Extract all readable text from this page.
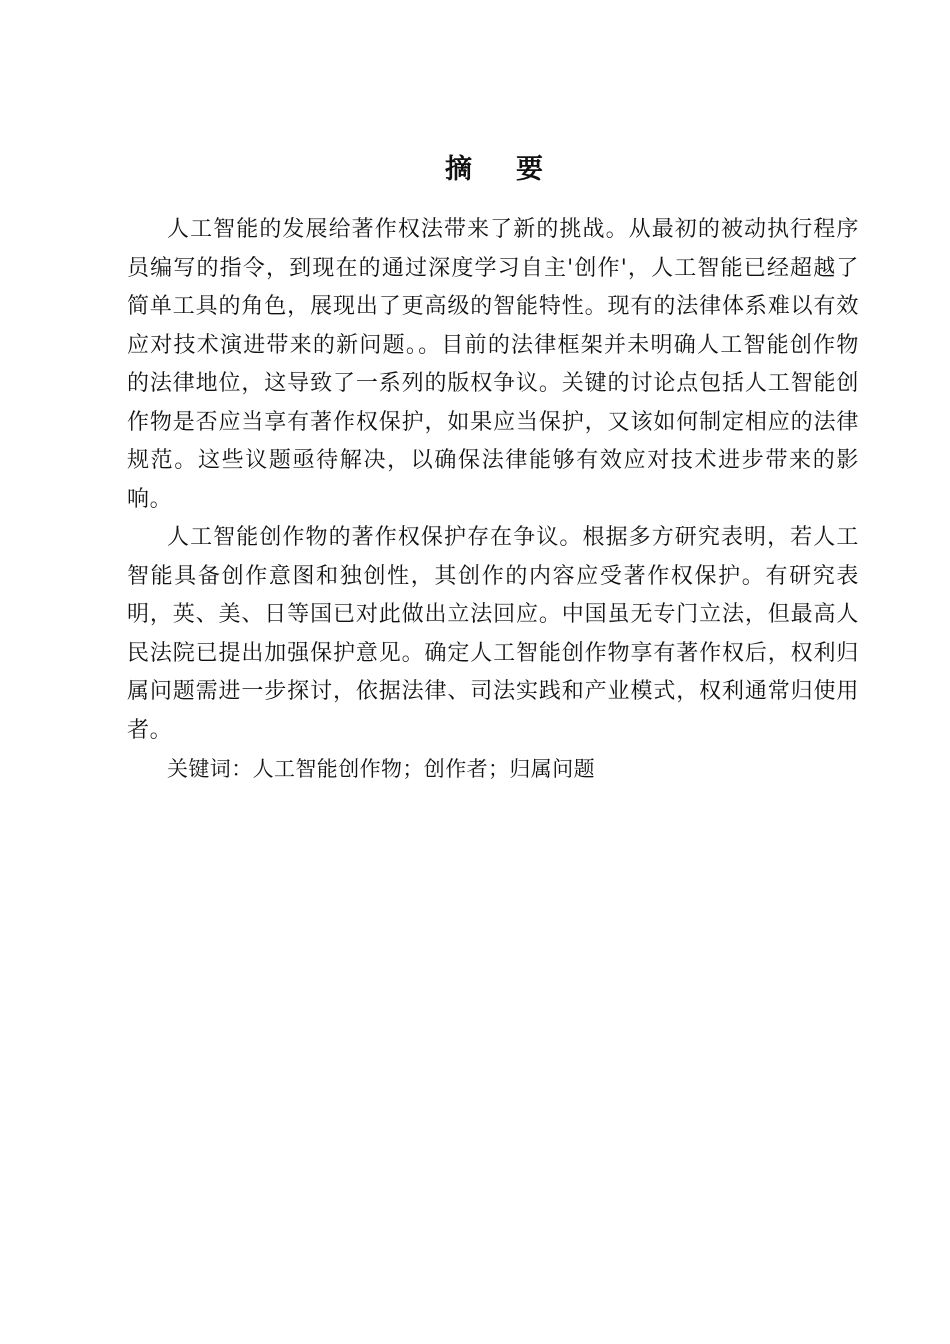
摘 要

人工智能的发展给著作权法带来了新的挑战。从最初的被动执行程序员编写的指令，到现在的通过深度学习自主'创作'，人工智能已经超越了简单工具的角色，展现出了更高级的智能特性。现有的法律体系难以有效应对技术演进带来的新问题。。目前的法律框架并未明确人工智能创作物的法律地位，这导致了一系列的版权争议。关键的讨论点包括人工智能创作物是否应当享有著作权保护，如果应当保护，又该如何制定相应的法律规范。这些议题亟待解决，以确保法律能够有效应对技术进步带来的影响。

人工智能创作物的著作权保护存在争议。根据多方研究表明，若人工智能具备创作意图和独创性，其创作的内容应受著作权保护。有研究表明，英、美、日等国已对此做出立法回应。中国虽无专门立法，但最高人民法院已提出加强保护意见。确定人工智能创作物享有著作权后，权利归属问题需进一步探讨，依据法律、司法实践和产业模式，权利通常归使用者。

关键词：人工智能创作物；创作者；归属问题
